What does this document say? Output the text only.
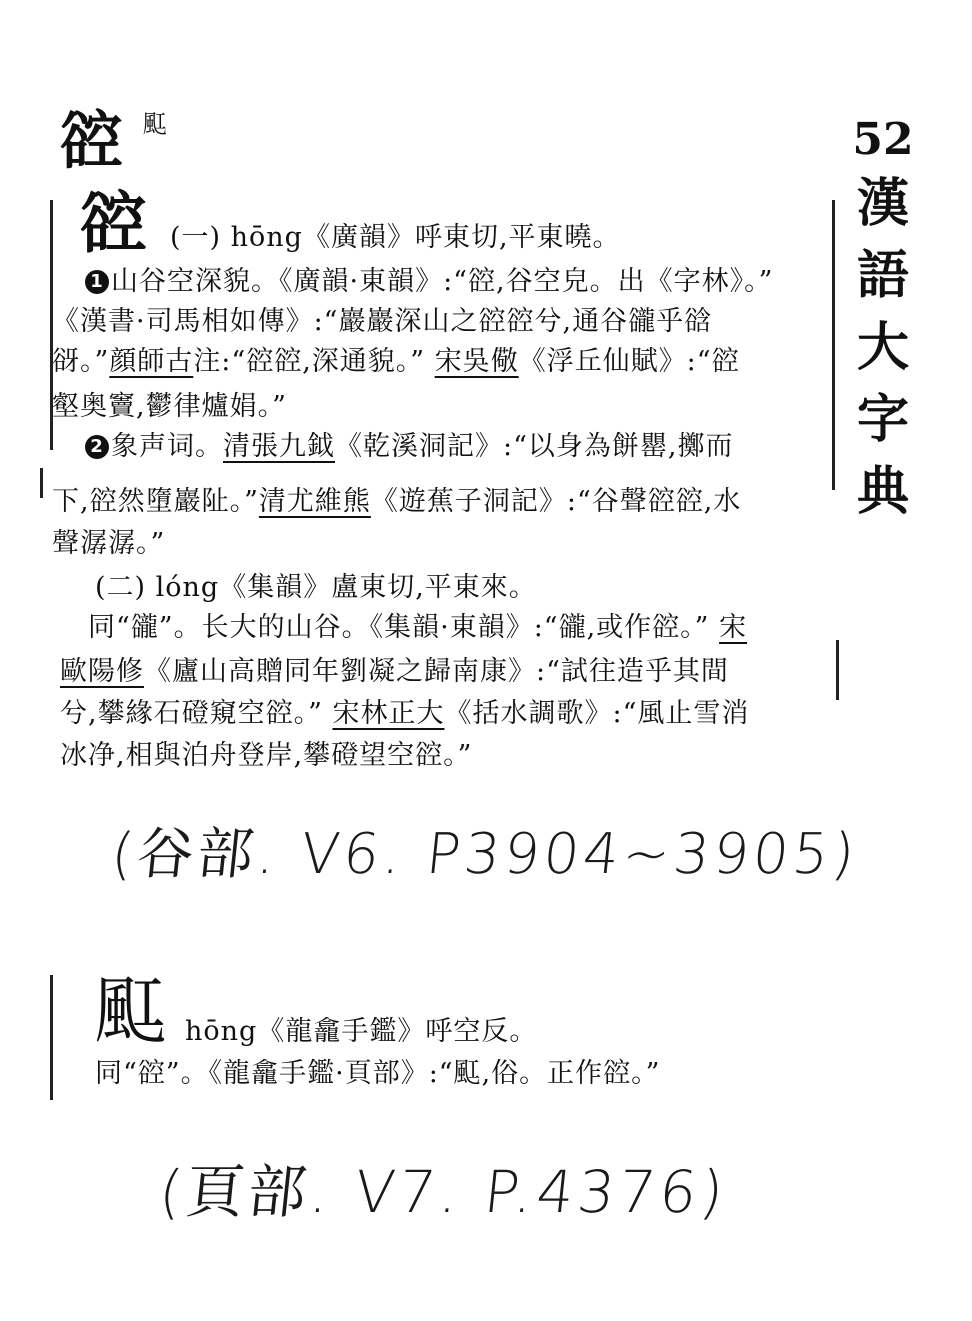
谾 䫹	52
漢
語
大
字
典
谾 (一) hōng《廣韻》呼東切,平東曉。
1 山谷空深貌。《廣韻·東韻》:“谾,谷空皃。出《字林》。”
《漢書·司馬相如傳》:“巖巖深山之谾谾兮,通谷豅乎谽
谺。”顔師古注:“谾谾,深通貌。” 宋吳儆《浮丘仙賦》:“谾
壑奥竇,鬱律爐娟。”
2 象声词。清張九鉞《乾溪洞記》:“以身為餅罌,擲而
下,谾然墮巖阯。”清尤維熊《遊蕉子洞記》:“谷聲谾谾,水
聲潺潺。”
(二) lóng《集韻》盧東切,平東來。
同“豅”。长大的山谷。《集韻·東韻》:“豅,或作谾。” 宋
歐陽修《廬山高贈同年劉凝之歸南康》:“試往造乎其間
兮,攀緣石磴窺空谾。” 宋林正大《括水調歌》:“風止雪消
冰净,相與泊舟登岸,攀磴望空谾。”
(谷部. V6. P3904~3905)
䫹 hōng《龍龕手鑑》呼空反。
同“谾”。《龍龕手鑑·頁部》:“䫹,俗。正作谾。”
(頁部. V7. P.4376)
